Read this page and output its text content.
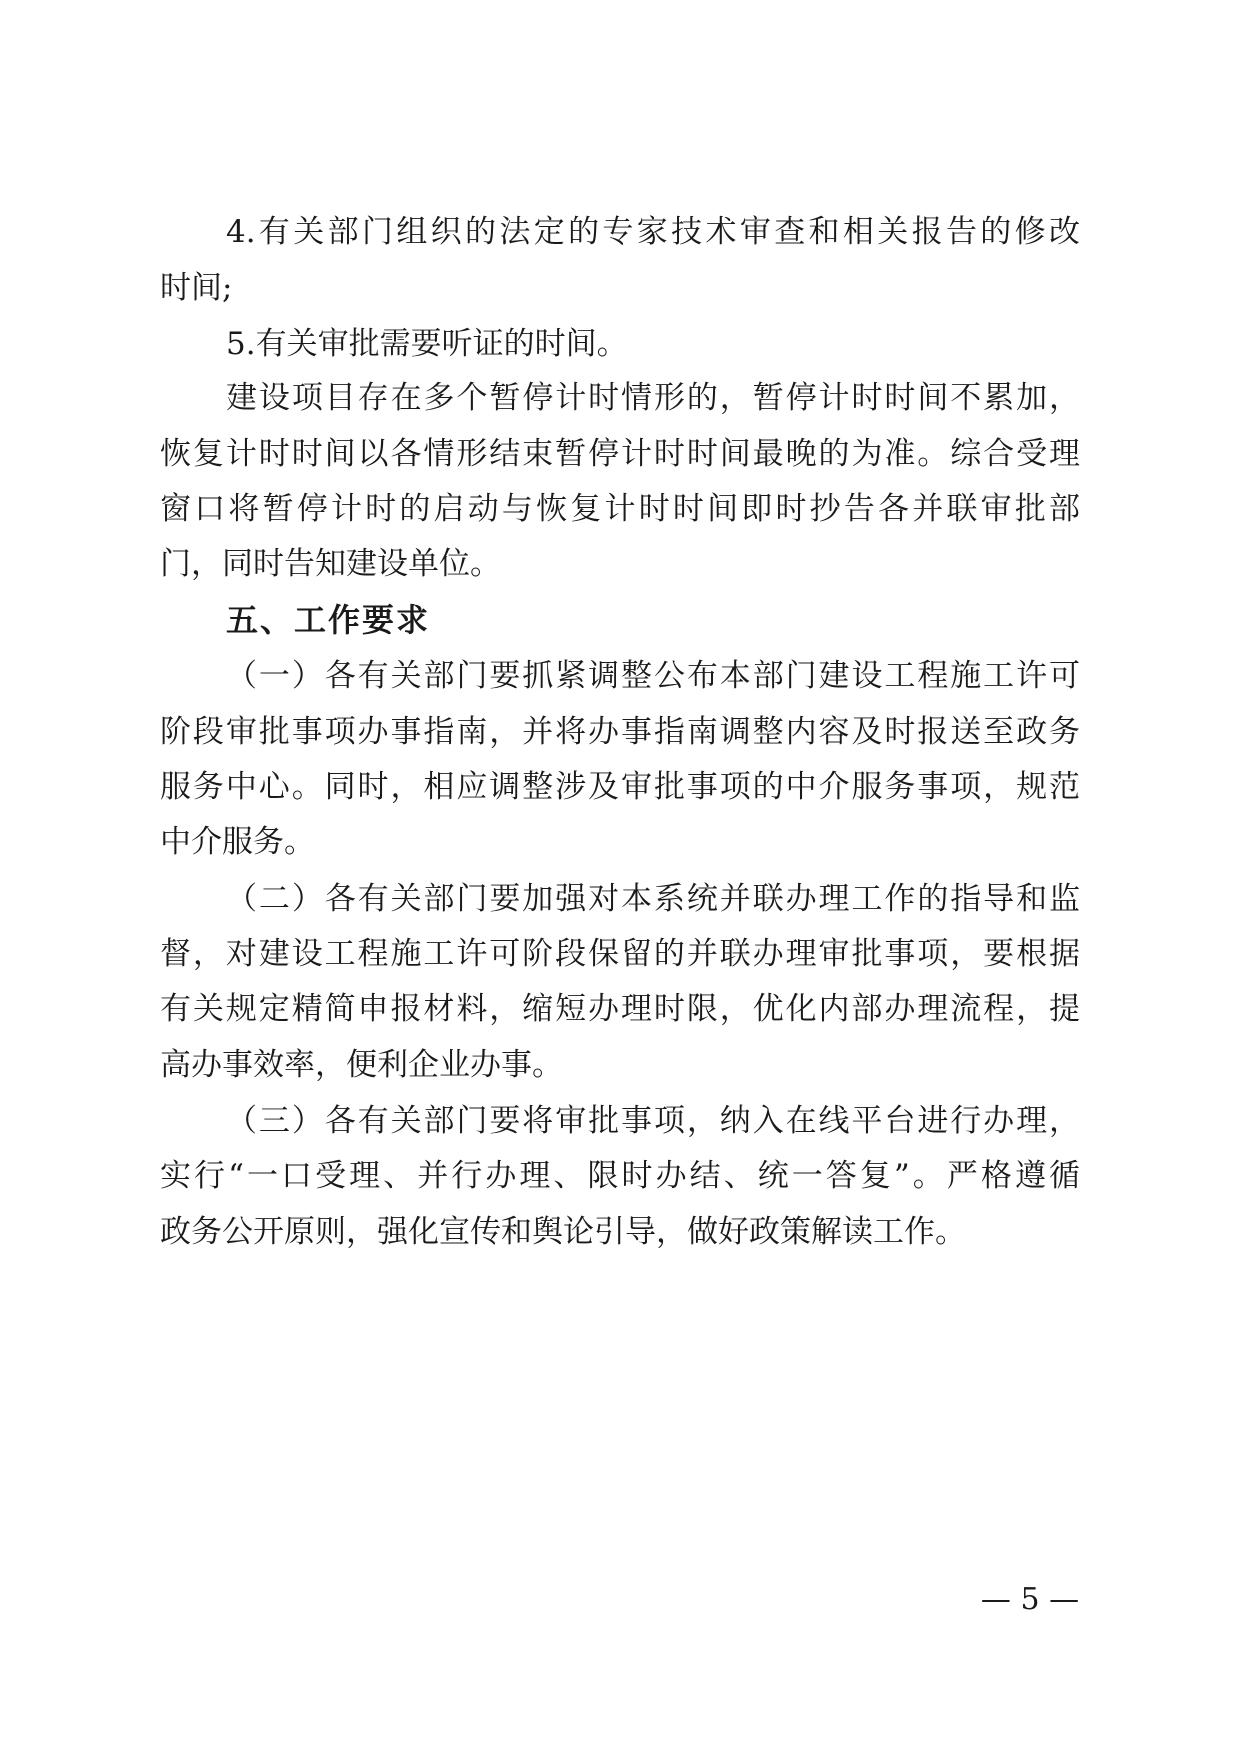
4.有关部门组织的法定的专家技术审查和相关报告的修改
时间;
5.有关审批需要听证的时间。
建设项目存在多个暂停计时情形的，暂停计时时间不累加，
恢复计时时间以各情形结束暂停计时时间最晚的为准。综合受理
窗口将暂停计时的启动与恢复计时时间即时抄告各并联审批部
门，同时告知建设单位。
五、工作要求
（一）各有关部门要抓紧调整公布本部门建设工程施工许可
阶段审批事项办事指南，并将办事指南调整内容及时报送至政务
服务中心。同时，相应调整涉及审批事项的中介服务事项，规范
中介服务。
（二）各有关部门要加强对本系统并联办理工作的指导和监
督，对建设工程施工许可阶段保留的并联办理审批事项，要根据
有关规定精简申报材料，缩短办理时限，优化内部办理流程，提
高办事效率，便利企业办事。
（三）各有关部门要将审批事项，纳入在线平台进行办理，
实行“一口受理、并行办理、限时办结、统一答复”。严格遵循
政务公开原则，强化宣传和舆论引导，做好政策解读工作。
— 5 —
